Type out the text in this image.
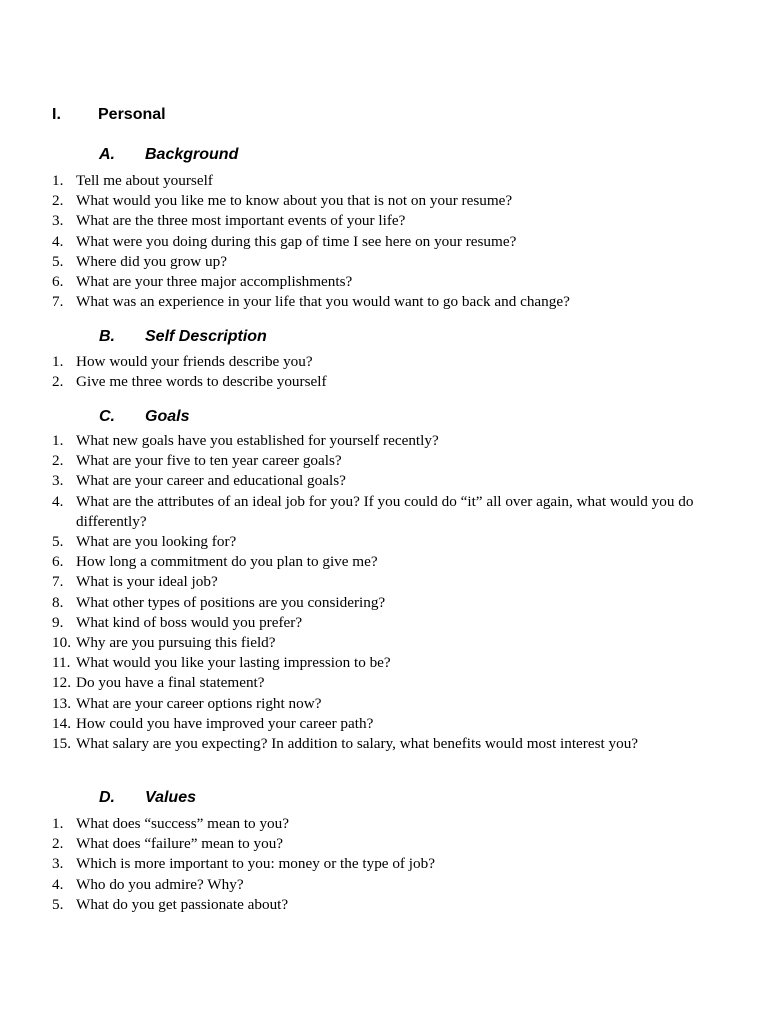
I. Personal
A. Background
1. Tell me about yourself
2. What would you like me to know about you that is not on your resume?
3. What are the three most important events of your life?
4. What were you doing during this gap of time I see here on your resume?
5. Where did you grow up?
6. What are your three major accomplishments?
7. What was an experience in your life that you would want to go back and change?
B. Self Description
1. How would your friends describe you?
2. Give me three words to describe yourself
C. Goals
1. What new goals have you established for yourself recently?
2. What are your five to ten year career goals?
3. What are your career and educational goals?
4. What are the attributes of an ideal job for you? If you could do “it” all over again, what would you do differently?
5. What are you looking for?
6. How long a commitment do you plan to give me?
7. What is your ideal job?
8. What other types of positions are you considering?
9. What kind of boss would you prefer?
10. Why are you pursuing this field?
11. What would you like your lasting impression to be?
12. Do you have a final statement?
13. What are your career options right now?
14. How could you have improved your career path?
15. What salary are you expecting? In addition to salary, what benefits would most interest you?
D. Values
1. What does “success” mean to you?
2. What does “failure” mean to you?
3. Which is more important to you: money or the type of job?
4. Who do you admire? Why?
5. What do you get passionate about?
